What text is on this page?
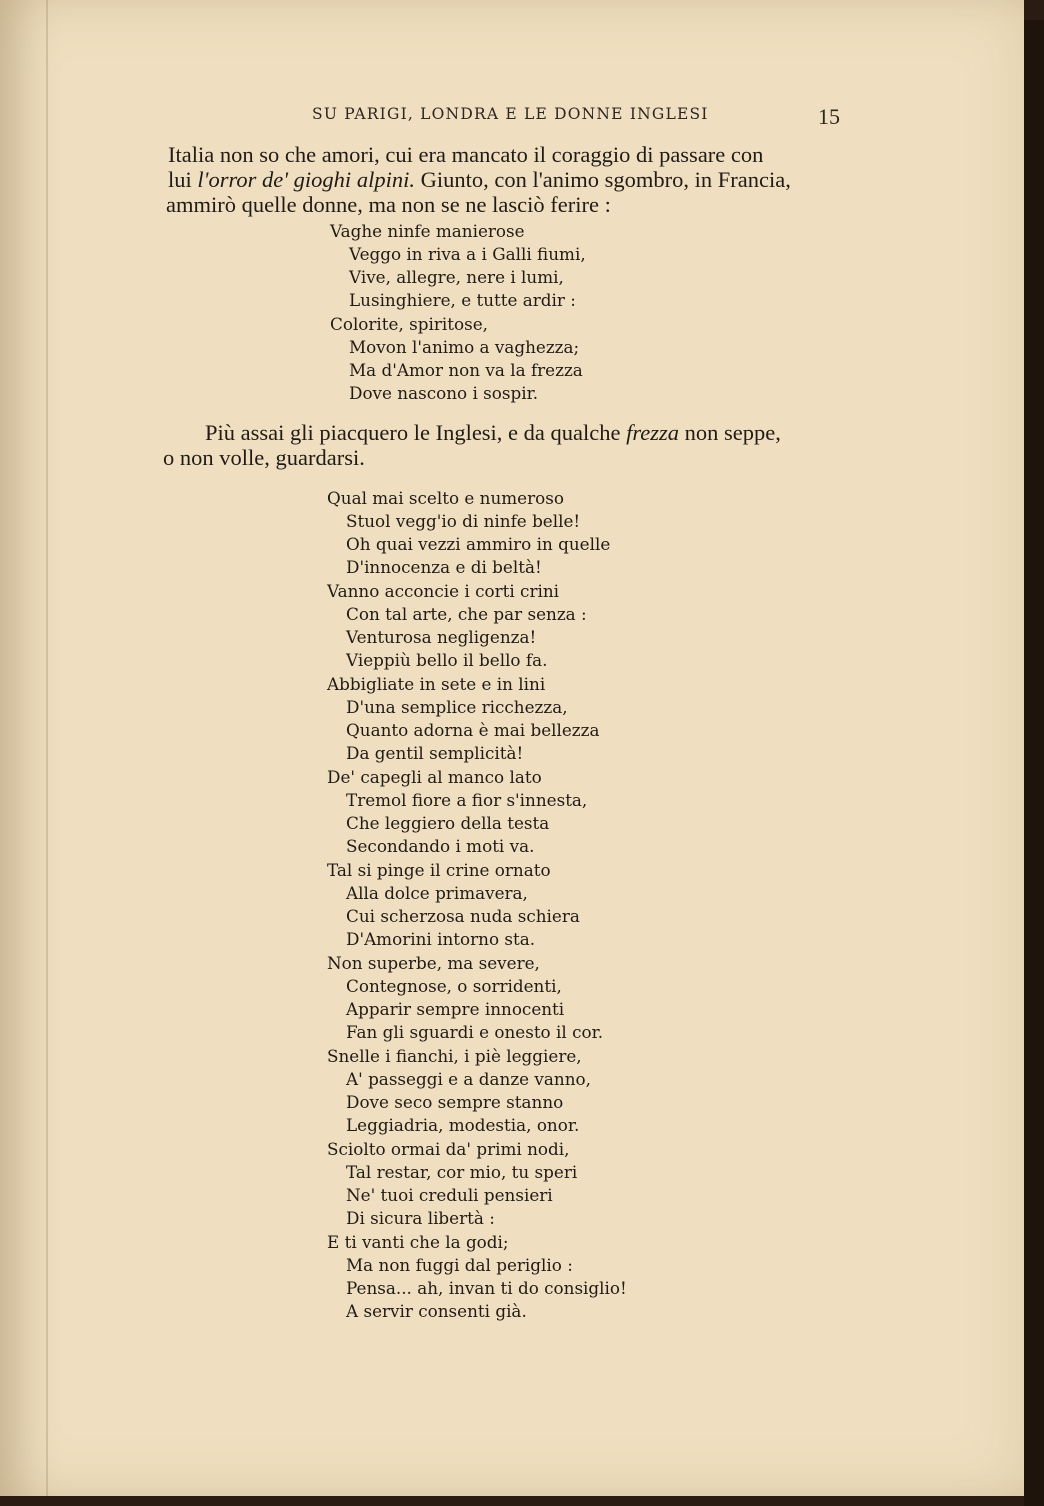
SU PARIGI, LONDRA E LE DONNE INGLESI	15
Italia non so che amori, cui era mancato il coraggio di passare con
lui l'orror de' gioghi alpini. Giunto, con l'animo sgombro, in Francia,
ammirò quelle donne, ma non se ne lasciò ferire :
Vaghe ninfe manierose
Veggo in riva a i Galli fiumi,
Vive, allegre, nere i lumi,
Lusinghiere, e tutte ardir :
Colorite, spiritose,
Movon l'animo a vaghezza;
Ma d'Amor non va la frezza
Dove nascono i sospir.
Più assai gli piacquero le Inglesi, e da qualche frezza non seppe,
o non volle, guardarsi.
Qual mai scelto e numeroso
Stuol vegg'io di ninfe belle!
Oh quai vezzi ammiro in quelle
D'innocenza e di beltà!
Vanno acconcie i corti crini
Con tal arte, che par senza :
Venturosa negligenza!
Vieppiù bello il bello fa.
Abbigliate in sete e in lini
D'una semplice ricchezza,
Quanto adorna è mai bellezza
Da gentil semplicità!
De' capegli al manco lato
Tremol fiore a fior s'innesta,
Che leggiero della testa
Secondando i moti va.
Tal si pinge il crine ornato
Alla dolce primavera,
Cui scherzosa nuda schiera
D'Amorini intorno sta.
Non superbe, ma severe,
Contegnose, o sorridenti,
Apparir sempre innocenti
Fan gli sguardi e onesto il cor.
Snelle i fianchi, i piè leggiere,
A' passeggi e a danze vanno,
Dove seco sempre stanno
Leggiadria, modestia, onor.
Sciolto ormai da' primi nodi,
Tal restar, cor mio, tu speri
Ne' tuoi creduli pensieri
Di sicura libertà :
E ti vanti che la godi;
Ma non fuggi dal periglio :
Pensa... ah, invan ti do consiglio!
A servir consenti già.
